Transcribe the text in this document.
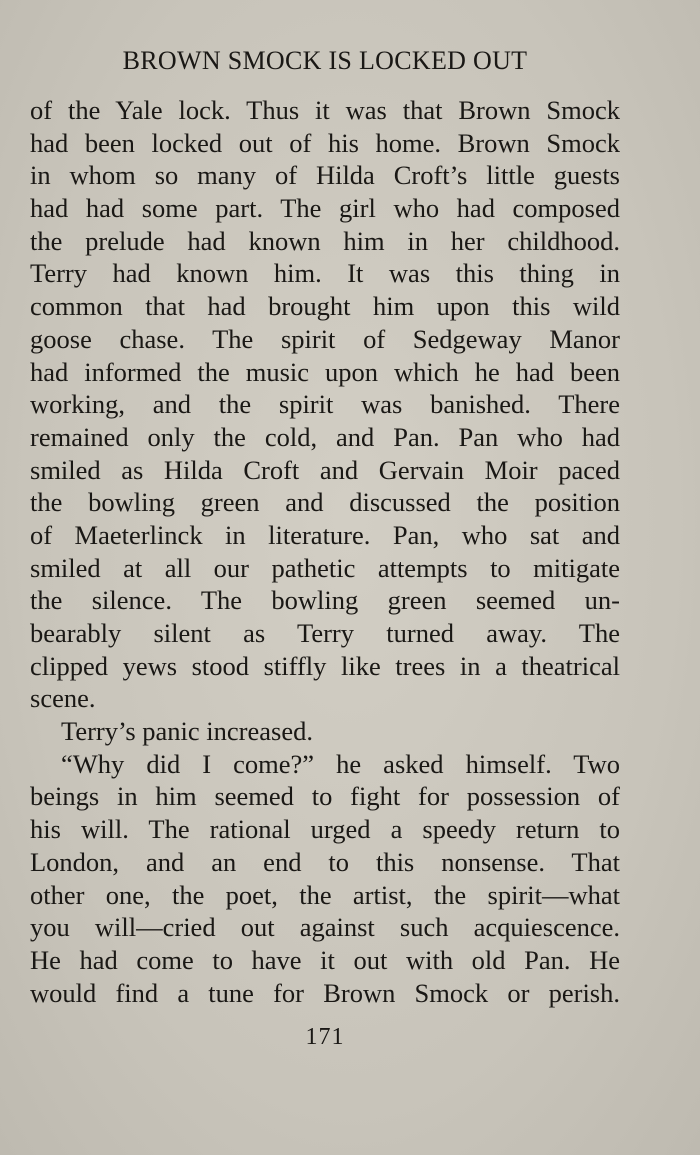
BROWN SMOCK IS LOCKED OUT
of the Yale lock. Thus it was that Brown Smock
had been locked out of his home. Brown Smock
in whom so many of Hilda Croft’s little guests
had had some part. The girl who had composed
the prelude had known him in her childhood.
Terry had known him. It was this thing in
common that had brought him upon this wild
goose chase. The spirit of Sedgeway Manor
had informed the music upon which he had been
working, and the spirit was banished. There
remained only the cold, and Pan. Pan who had
smiled as Hilda Croft and Gervain Moir paced
the bowling green and discussed the position
of Maeterlinck in literature. Pan, who sat and
smiled at all our pathetic attempts to mitigate
the silence. The bowling green seemed un-
bearably silent as Terry turned away. The
clipped yews stood stiffly like trees in a theatrical
scene.
Terry’s panic increased.
“Why did I come?” he asked himself. Two
beings in him seemed to fight for possession of
his will. The rational urged a speedy return to
London, and an end to this nonsense. That
other one, the poet, the artist, the spirit—what
you will—cried out against such acquiescence.
He had come to have it out with old Pan. He
would find a tune for Brown Smock or perish.
171
